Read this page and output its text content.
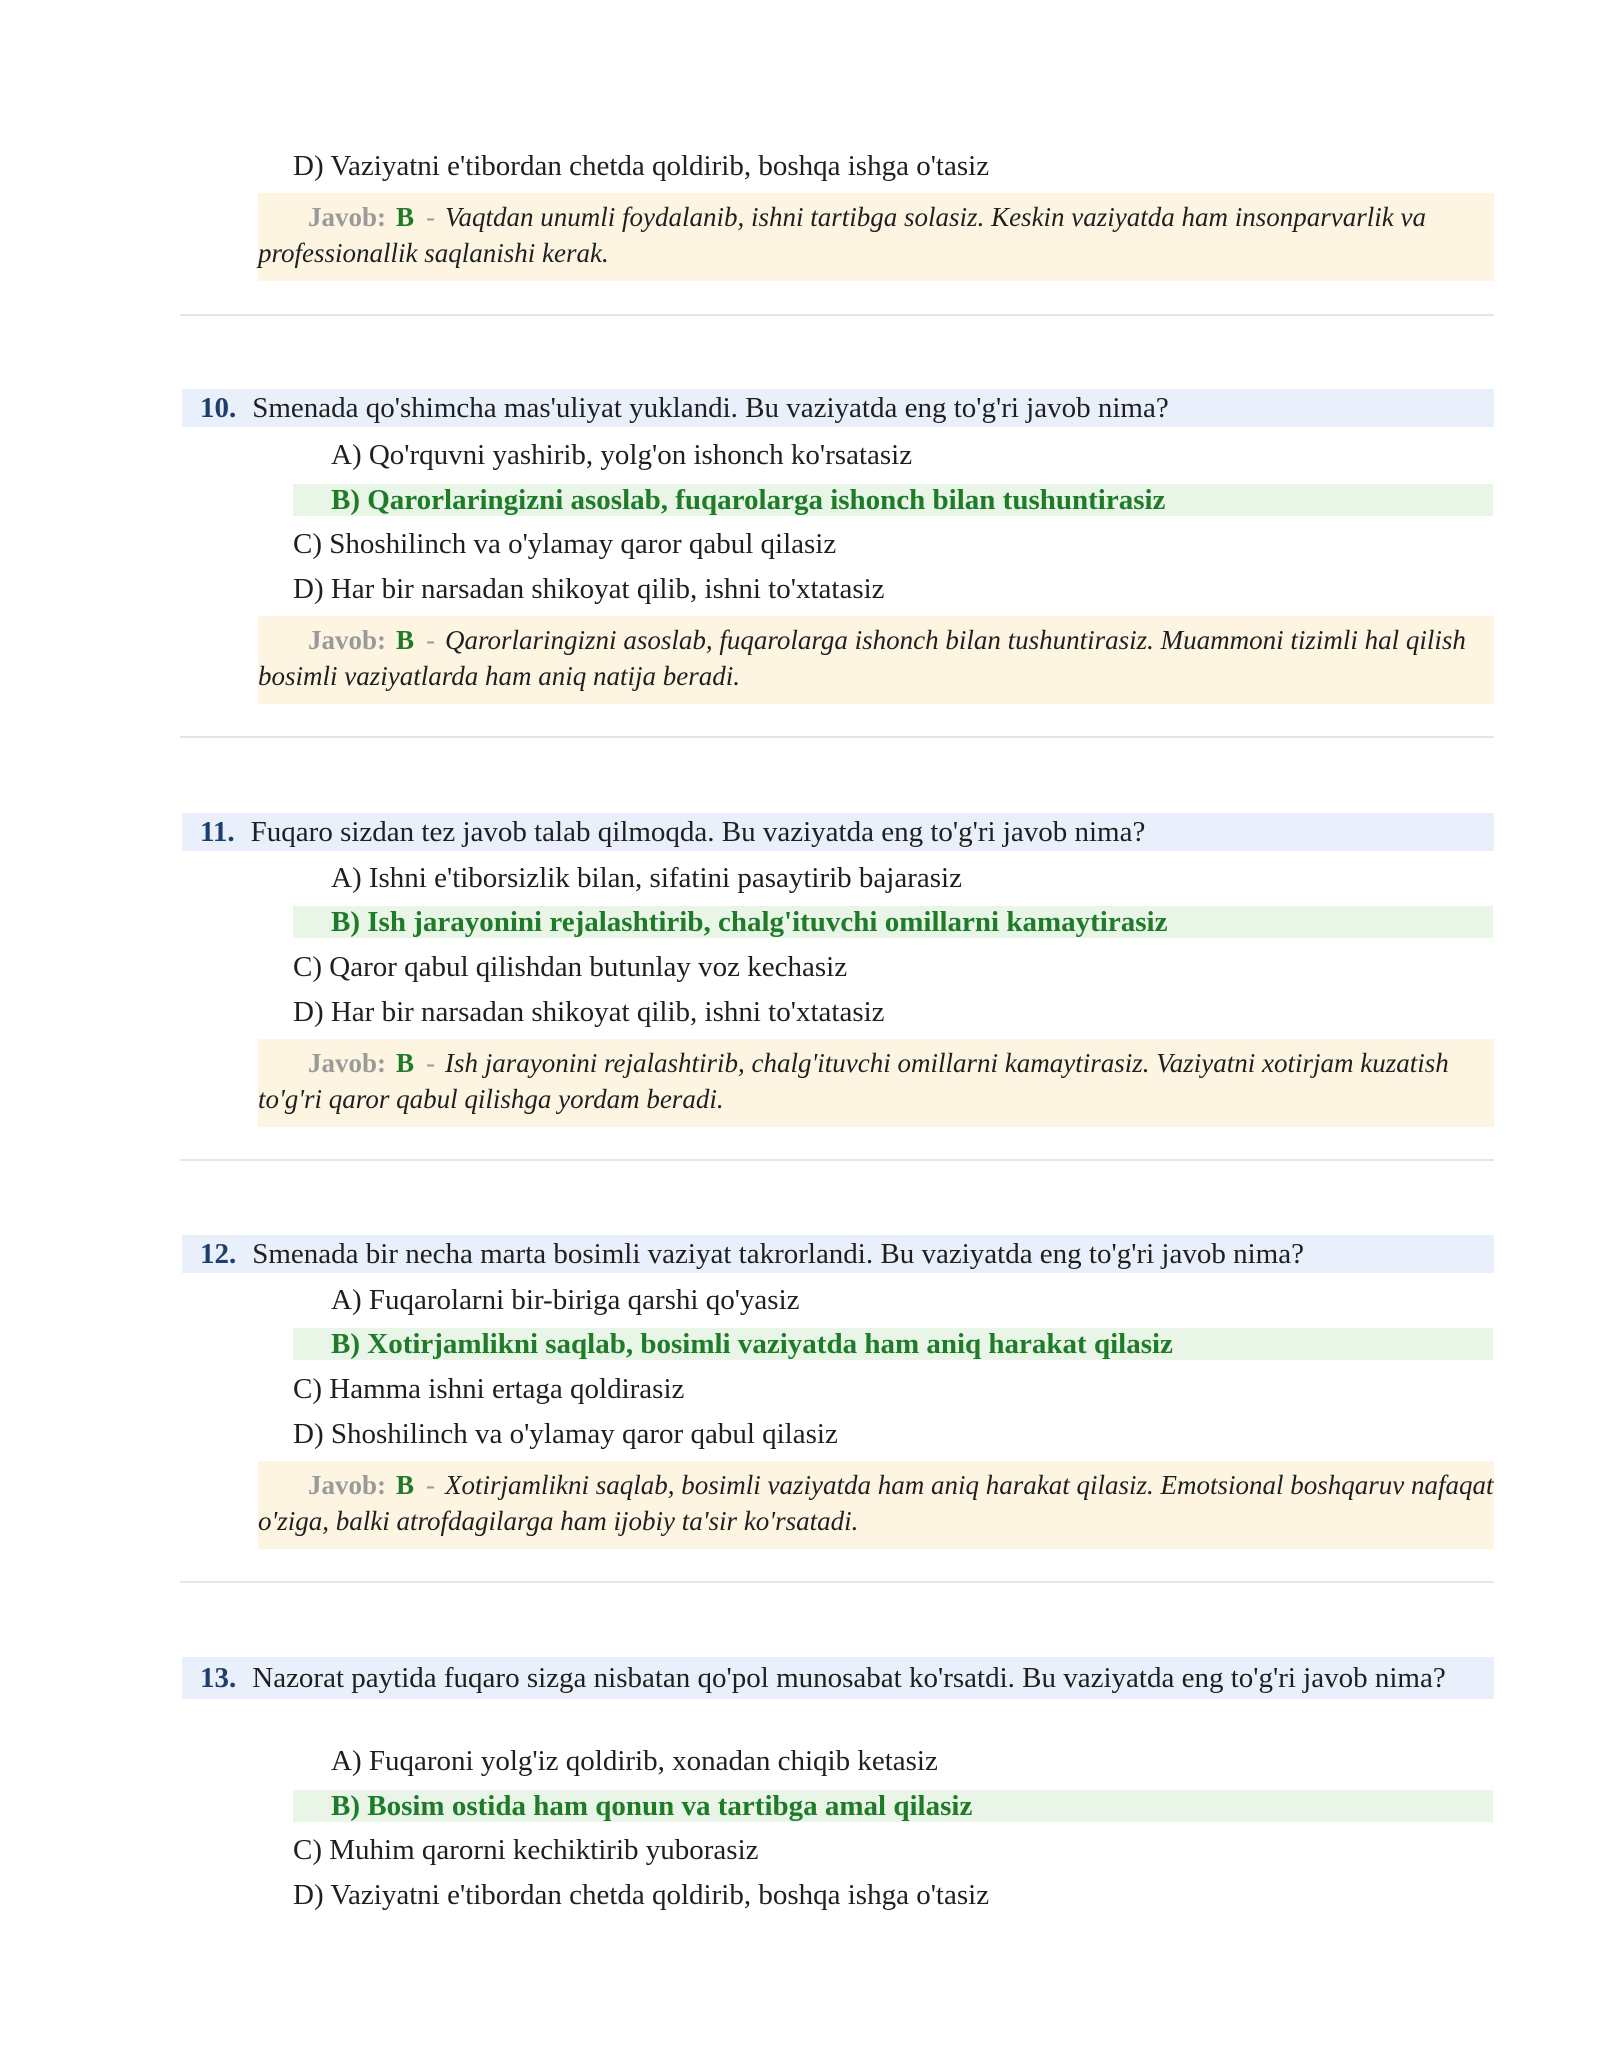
D) Vaziyatni e'tibordan chetda qoldirib, boshqa ishga o'tasiz
Javob: B - Vaqtdan unumli foydalanib, ishni tartibga solasiz. Keskin vaziyatda ham insonparvarlik va professionallik saqlanishi kerak.
10. Smenada qo'shimcha mas'uliyat yuklandi. Bu vaziyatda eng to'g'ri javob nima?
A) Qo'rquvni yashirib, yolg'on ishonch ko'rsatasiz
B) Qarorlaringizni asoslab, fuqarolarga ishonch bilan tushuntirasiz
C) Shoshilinch va o'ylamay qaror qabul qilasiz
D) Har bir narsadan shikoyat qilib, ishni to'xtatasiz
Javob: B - Qarorlaringizni asoslab, fuqarolarga ishonch bilan tushuntirasiz. Muammoni tizimli hal qilish bosimli vaziyatlarda ham aniq natija beradi.
11. Fuqaro sizdan tez javob talab qilmoqda. Bu vaziyatda eng to'g'ri javob nima?
A) Ishni e'tiborsizlik bilan, sifatini pasaytirib bajarasiz
B) Ish jarayonini rejalashtirib, chalg'ituvchi omillarni kamaytirasiz
C) Qaror qabul qilishdan butunlay voz kechasiz
D) Har bir narsadan shikoyat qilib, ishni to'xtatasiz
Javob: B - Ish jarayonini rejalashtirib, chalg'ituvchi omillarni kamaytirasiz. Vaziyatni xotirjam kuzatish to'g'ri qaror qabul qilishga yordam beradi.
12. Smenada bir necha marta bosimli vaziyat takrorlandi. Bu vaziyatda eng to'g'ri javob nima?
A) Fuqarolarni bir-biriga qarshi qo'yasiz
B) Xotirjamlikni saqlab, bosimli vaziyatda ham aniq harakat qilasiz
C) Hamma ishni ertaga qoldirasiz
D) Shoshilinch va o'ylamay qaror qabul qilasiz
Javob: B - Xotirjamlikni saqlab, bosimli vaziyatda ham aniq harakat qilasiz. Emotsional boshqaruv nafaqat o'ziga, balki atrofdagilarga ham ijobiy ta'sir ko'rsatadi.
13. Nazorat paytida fuqaro sizga nisbatan qo'pol munosabat ko'rsatdi. Bu vaziyatda eng to'g'ri javob nima?
A) Fuqaroni yolg'iz qoldirib, xonadan chiqib ketasiz
B) Bosim ostida ham qonun va tartibga amal qilasiz
C) Muhim qarorni kechiktirib yuborasiz
D) Vaziyatni e'tibordan chetda qoldirib, boshqa ishga o'tasiz
